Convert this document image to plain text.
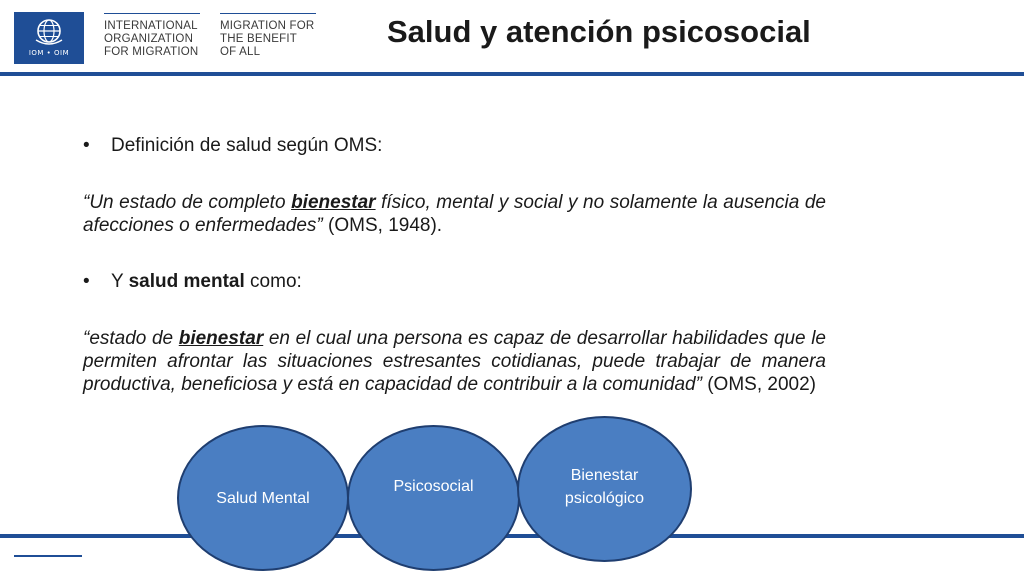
IOM • OIM
INTERNATIONAL
ORGANIZATION
FOR MIGRATION
MIGRATION FOR
THE BENEFIT
OF ALL
Salud y atención psicosocial
• Definición de salud según OMS:
“Un estado de completo bienestar físico, mental y social y no solamente la ausencia de afecciones o enfermedades” (OMS, 1948).
• Y salud mental como:
“estado de bienestar en el cual una persona es capaz de desarrollar habilidades que le permiten afrontar las situaciones estresantes cotidianas, puede trabajar de manera productiva, beneficiosa y está en capacidad de contribuir a la comunidad” (OMS, 2002)
Salud Mental
Psicosocial
Bienestar psicológico
